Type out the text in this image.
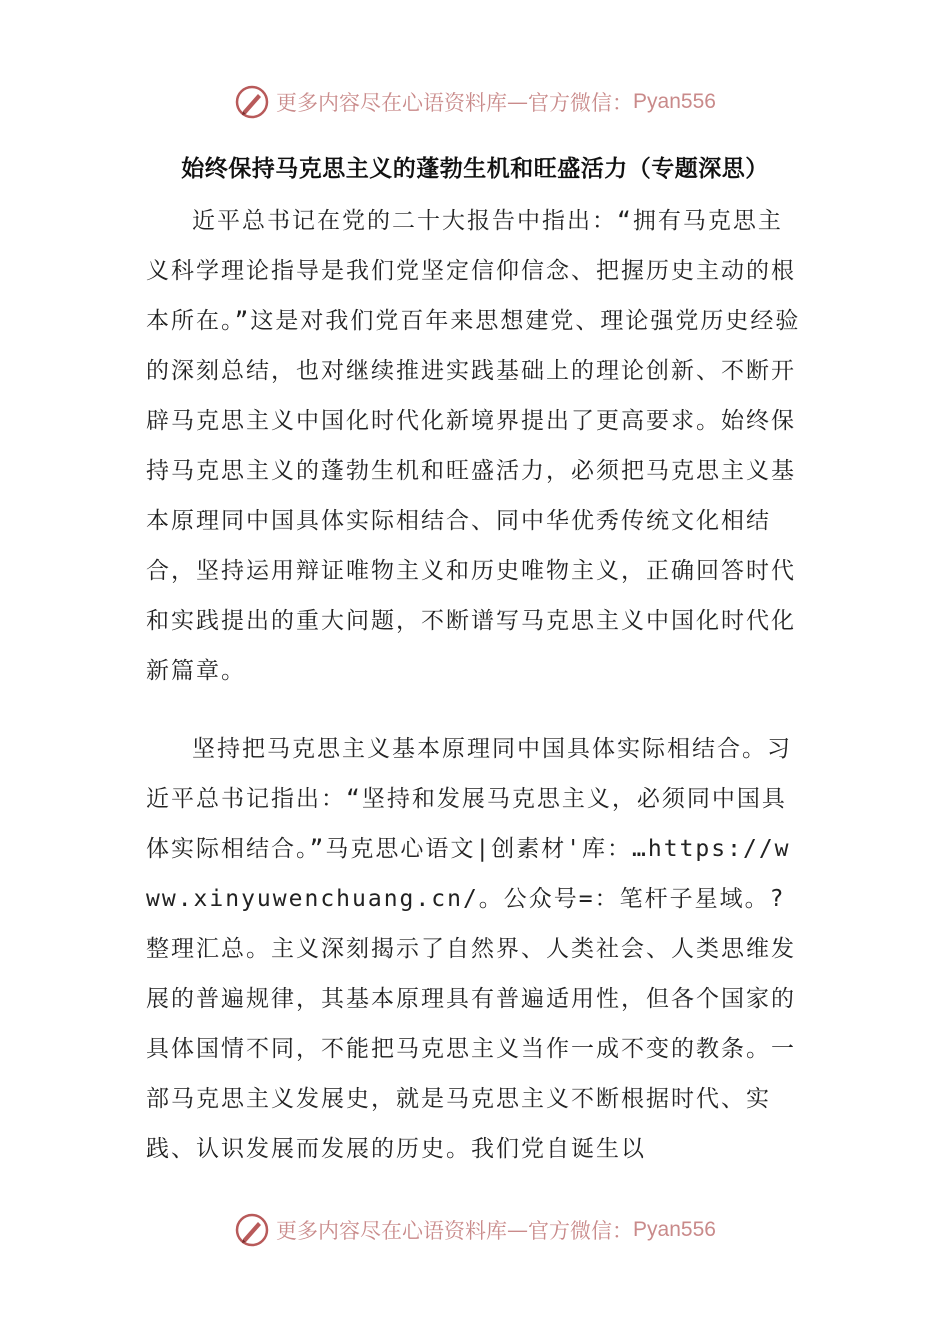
更多内容尽在心语资料库 — 官方微信： Pyan556
始终保持马克思主义的蓬勃生机和旺盛活力（专题深思）

近平总书记在党的二十大报告中指出：“拥有马克思主义科学理论指导是我们党坚定信仰信念、把握历史主动的根本所在。”这是对我们党百年来思想建党、理论强党历史经验的深刻总结，也对继续推进实践基础上的理论创新、不断开辟马克思主义中国化时代化新境界提出了更高要求。始终保持马克思主义的蓬勃生机和旺盛活力，必须把马克思主义基本原理同中国具体实际相结合、同中华优秀传统文化相结合，坚持运用辩证唯物主义和历史唯物主义，正确回答时代和实践提出的重大问题，不断谱写马克思主义中国化时代化新篇章。

坚持把马克思主义基本原理同中国具体实际相结合。习近平总书记指出：“坚持和发展马克思主义，必须同中国具体实际相结合。”马克思心语文|创素材'库：…https://www.xinyuwenchuang.cn/。公众号=：笔杆子星域。?整理汇总。主义深刻揭示了自然界、人类社会、人类思维发展的普遍规律，其基本原理具有普遍适用性，但各个国家的具体国情不同，不能把马克思主义当作一成不变的教条。一部马克思主义发展史，就是马克思主义不断根据时代、实践、认识发展而发展的历史。我们党自诞生以

更多内容尽在心语资料库 — 官方微信： Pyan556
